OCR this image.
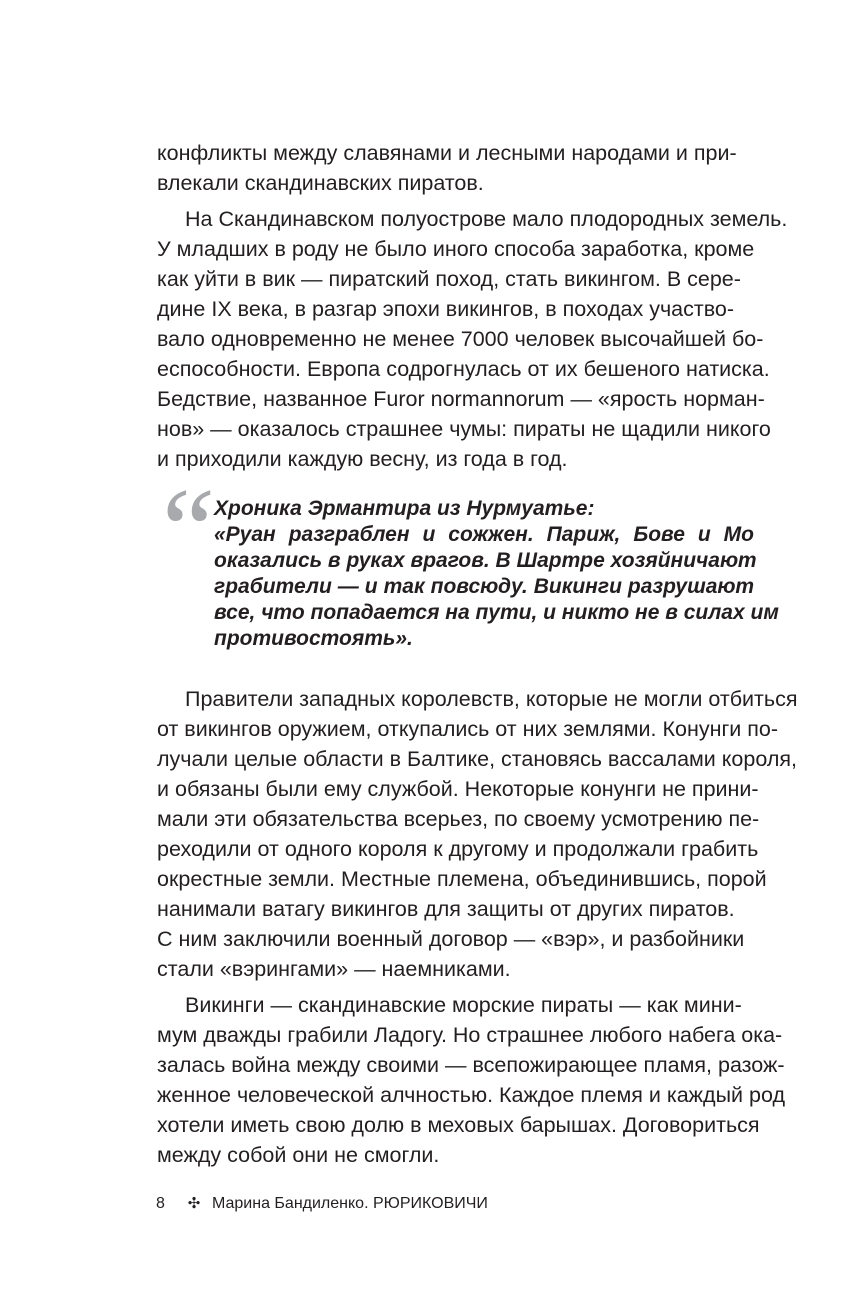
конфликты между славянами и лесными народами и при-
влекали скандинавских пиратов.
На Скандинавском полуострове мало плодородных земель.
У младших в роду не было иного способа заработка, кроме
как уйти в вик — пиратский поход, стать викингом. В сере-
дине IX века, в разгар эпохи викингов, в походах участво-
вало одновременно не менее 7000 человек высочайшей бо-
еспособности. Европа содрогнулась от их бешеного натиска.
Бедствие, названное Furor normannorum — «ярость норман-
нов» — оказалось страшнее чумы: пираты не щадили никого
и приходили каждую весну, из года в год.
“
Хроника Эрмантира из Нурмуатье:
«Руан разграблен и сожжен. Париж, Бове и Мо
оказались в руках врагов. В Шартре хозяйничают
грабители — и так повсюду. Викинги разрушают
все, что попадается на пути, и никто не в силах им
противостоять».
Правители западных королевств, которые не могли отбиться
от викингов оружием, откупались от них землями. Конунги по-
лучали целые области в Балтике, становясь вассалами короля,
и обязаны были ему службой. Некоторые конунги не прини-
мали эти обязательства всерьез, по своему усмотрению пе-
реходили от одного короля к другому и продолжали грабить
окрестные земли. Местные племена, объединившись, порой
нанимали ватагу викингов для защиты от других пиратов.
С ним заключили военный договор — «вэр», и разбойники
стали «вэрингами» — наемниками.
Викинги — скандинавские морские пираты — как мини-
мум дважды грабили Ладогу. Но страшнее любого набега ока-
залась война между своими — всепожирающее пламя, разож-
женное человеческой алчностью. Каждое племя и каждый род
хотели иметь свою долю в меховых барышах. Договориться
между собой они не смогли.
8 ✣ Марина Бандиленко. РЮРИКОВИЧИ
